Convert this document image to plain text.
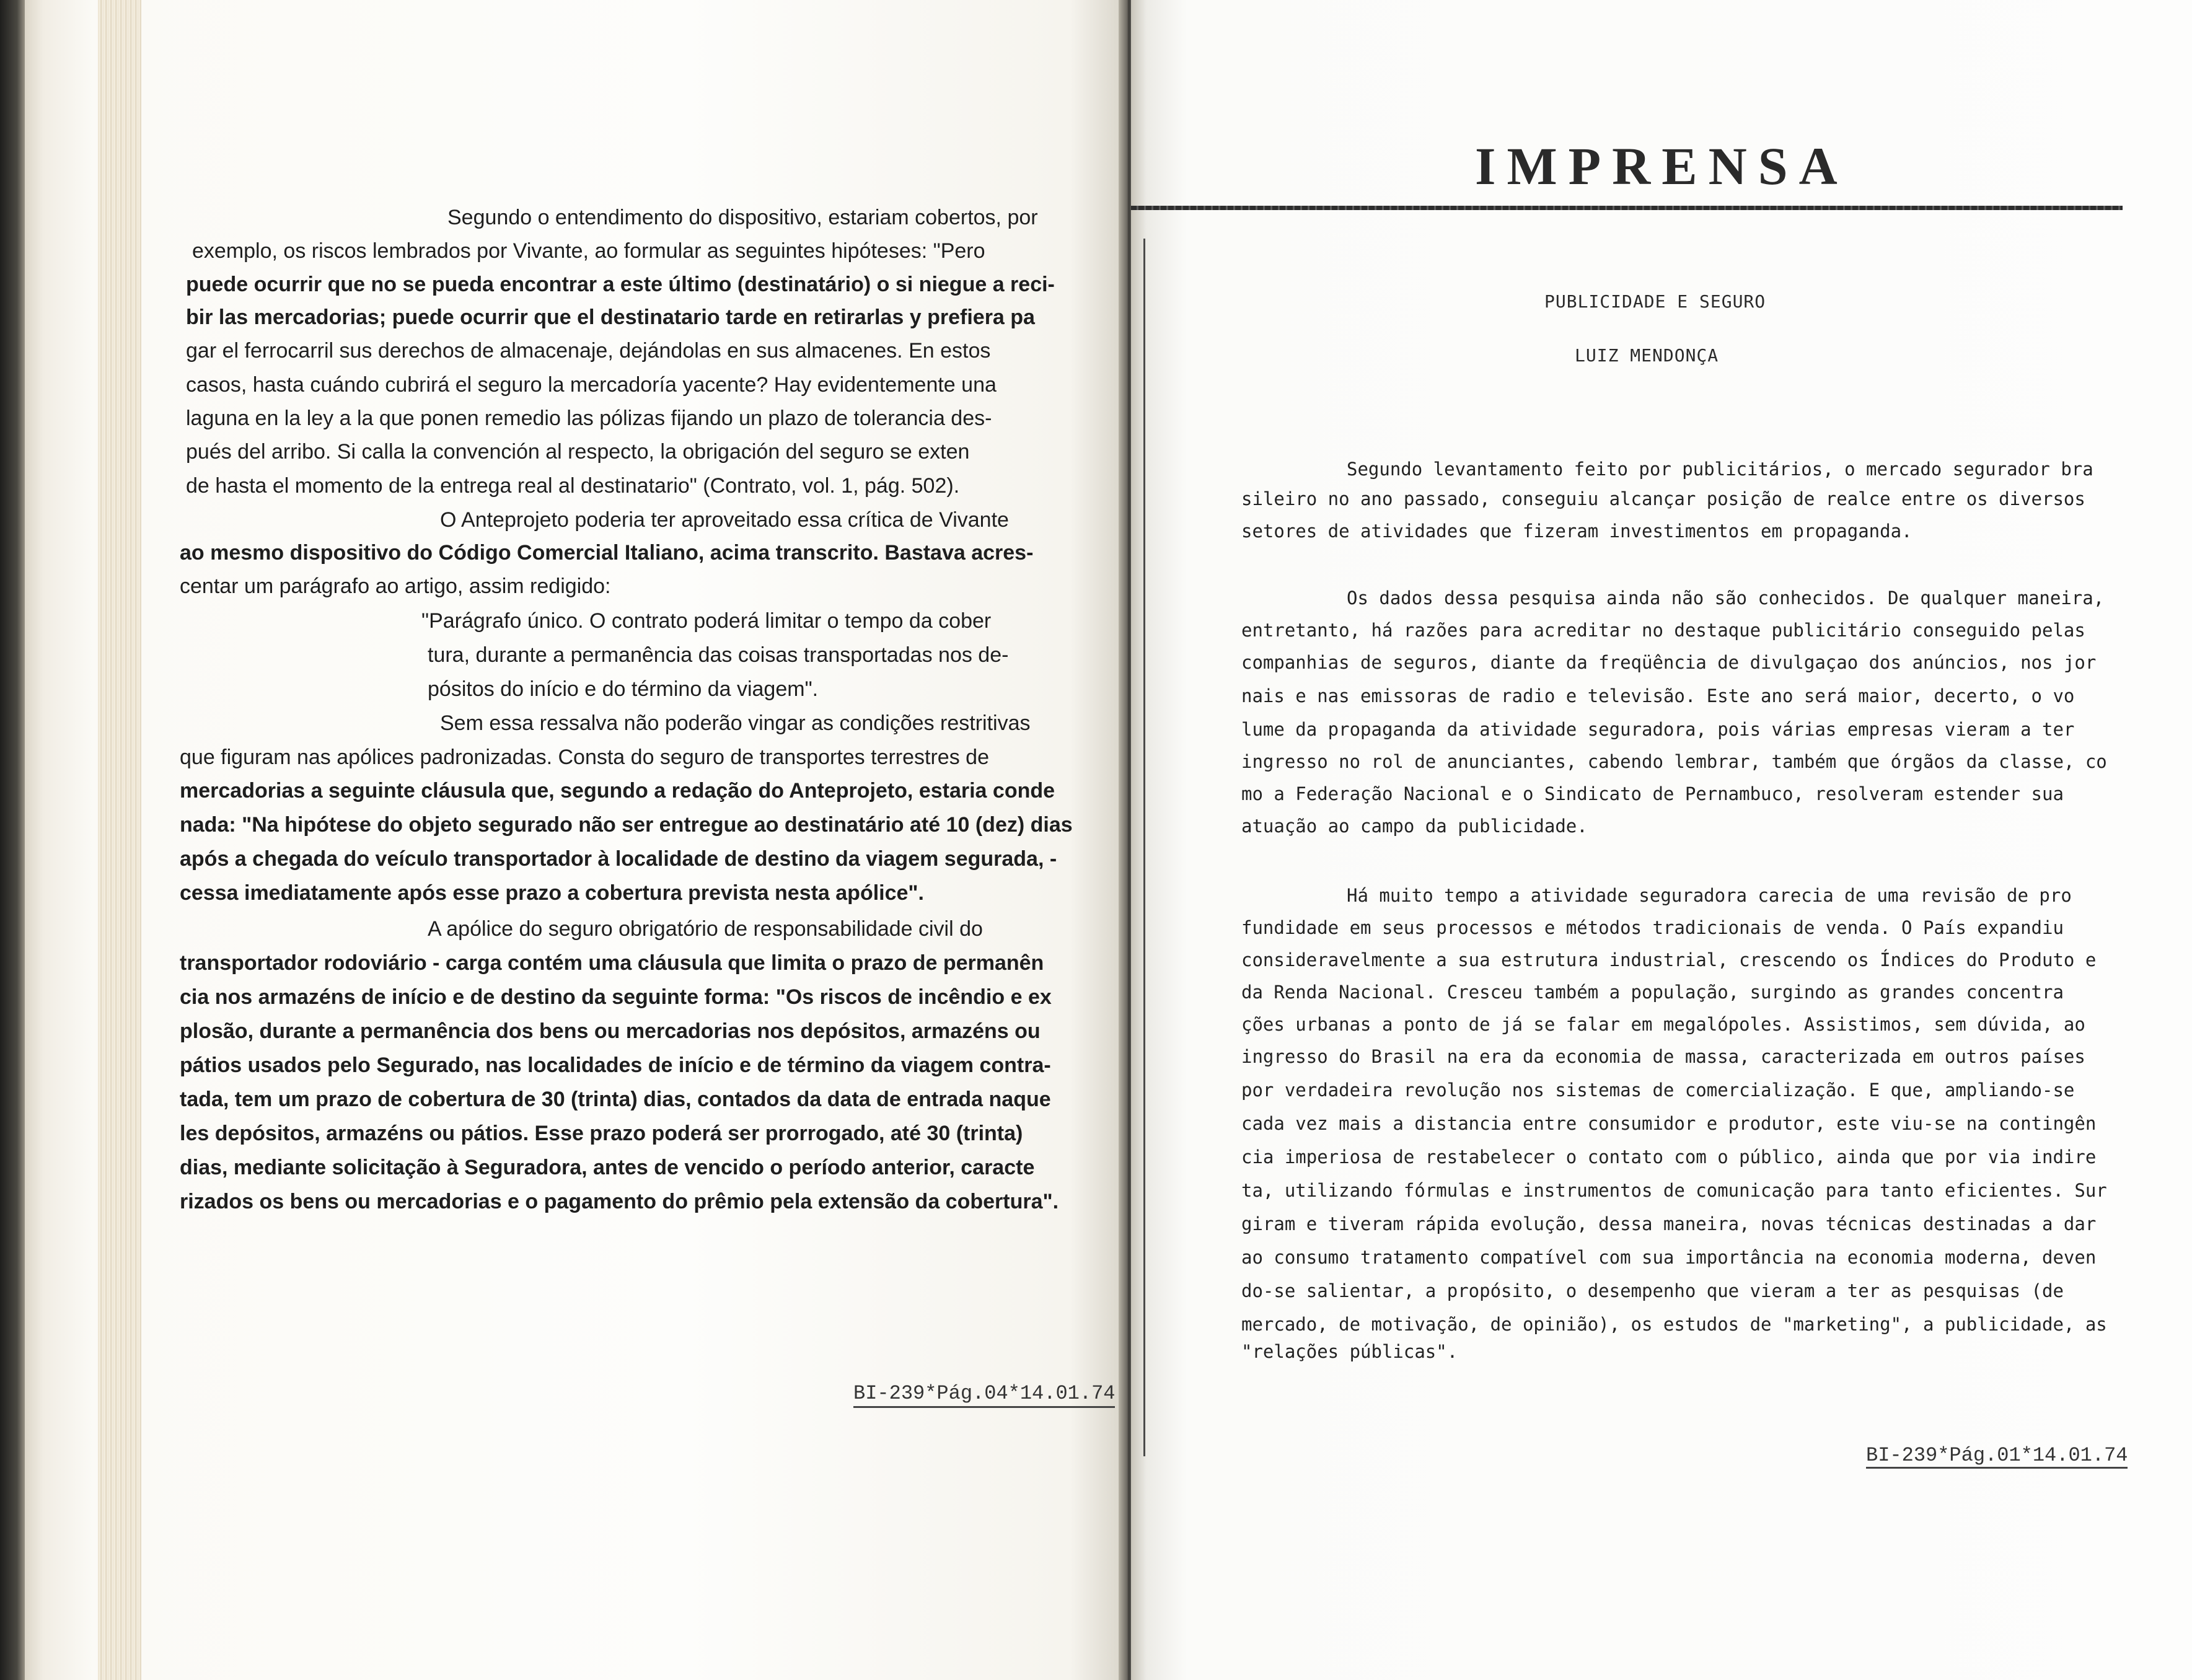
Segundo o entendimento do dispositivo, estariam cobertos, por
exemplo, os riscos lembrados por Vivante, ao formular as seguintes hipóteses: "Pero
puede ocurrir que no se pueda encontrar a este último (destinatário) o si niegue a reci-
bir las mercadorias; puede ocurrir que el destinatario tarde en retirarlas y prefiera pa
gar el ferrocarril sus derechos de almacenaje, dejándolas en sus almacenes. En estos
casos, hasta cuándo cubrirá el seguro la mercadoría yacente? Hay evidentemente una
laguna en la ley a la que ponen remedio las pólizas fijando un plazo de tolerancia des-
pués del arribo. Si calla la convención al respecto, la obrigación del seguro se exten
de hasta el momento de la entrega real al destinatario" (Contrato, vol. 1, pág. 502).
O Anteprojeto poderia ter aproveitado essa crítica de Vivante
ao mesmo dispositivo do Código Comercial Italiano, acima transcrito. Bastava acres-
centar um parágrafo ao artigo, assim redigido:
"Parágrafo único. O contrato poderá limitar o tempo da cober
tura, durante a permanência das coisas transportadas nos de-
pósitos do início e do término da viagem".
Sem essa ressalva não poderão vingar as condições restritivas
que figuram nas apólices padronizadas. Consta do seguro de transportes terrestres de
mercadorias a seguinte cláusula que, segundo a redação do Anteprojeto, estaria conde
nada: "Na hipótese do objeto segurado não ser entregue ao destinatário até 10 (dez) dias
após a chegada do veículo transportador à localidade de destino da viagem segurada, -
cessa imediatamente após esse prazo a cobertura prevista nesta apólice".
A apólice do seguro obrigatório de responsabilidade civil do
transportador rodoviário - carga contém uma cláusula que limita o prazo de permanên
cia nos armazéns de início e de destino da seguinte forma: "Os riscos de incêndio e ex
plosão, durante a permanência dos bens ou mercadorias nos depósitos, armazéns ou
pátios usados pelo Segurado, nas localidades de início e de término da viagem contra-
tada, tem um prazo de cobertura de 30 (trinta) dias, contados da data de entrada naque
les depósitos, armazéns ou pátios. Esse prazo poderá ser prorrogado, até 30 (trinta)
dias, mediante solicitação à Seguradora, antes de vencido o período anterior, caracte
rizados os bens ou mercadorias e o pagamento do prêmio pela extensão da cobertura".
BI-239*Pág.04*14.01.74
IMPRENSA
PUBLICIDADE E SEGURO
LUIZ MENDONÇA
Segundo levantamento feito por publicitários, o mercado segurador bra
sileiro no ano passado, conseguiu alcançar posição de realce entre os diversos
setores de atividades que fizeram investimentos em propaganda.
Os dados dessa pesquisa ainda não são conhecidos. De qualquer maneira,
entretanto, há razões para acreditar no destaque publicitário conseguido pelas
companhias de seguros, diante da freqüência de divulgaçao dos anúncios, nos jor
nais e nas emissoras de radio e televisão. Este ano será maior, decerto, o vo
lume da propaganda da atividade seguradora, pois várias empresas vieram a ter
ingresso no rol de anunciantes, cabendo lembrar, também que órgãos da classe, co
mo a Federação Nacional e o Sindicato de Pernambuco, resolveram estender sua
atuação ao campo da publicidade.
Há muito tempo a atividade seguradora carecia de uma revisão de pro
fundidade em seus processos e métodos tradicionais de venda. O País expandiu
consideravelmente a sua estrutura industrial, crescendo os Índices do Produto e
da Renda Nacional. Cresceu também a população, surgindo as grandes concentra
ções urbanas a ponto de já se falar em megalópoles. Assistimos, sem dúvida, ao
ingresso do Brasil na era da economia de massa, caracterizada em outros países
por verdadeira revolução nos sistemas de comercialização. E que, ampliando-se
cada vez mais a distancia entre consumidor e produtor, este viu-se na contingên
cia imperiosa de restabelecer o contato com o público, ainda que por via indire
ta, utilizando fórmulas e instrumentos de comunicação para tanto eficientes. Sur
giram e tiveram rápida evolução, dessa maneira, novas técnicas destinadas a dar
ao consumo tratamento compatível com sua importância na economia moderna, deven
do-se salientar, a propósito, o desempenho que vieram a ter as pesquisas (de
mercado, de motivação, de opinião), os estudos de "marketing", a publicidade, as
"relações públicas".
BI-239*Pág.01*14.01.74
